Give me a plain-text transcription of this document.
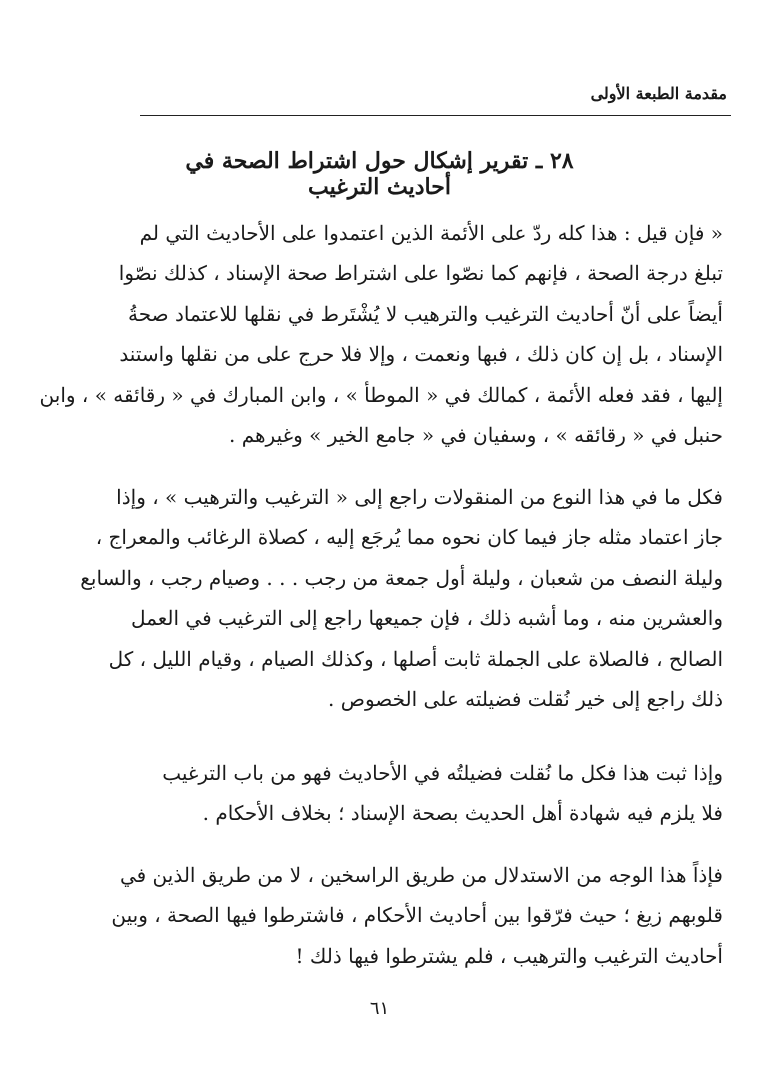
مقدمة الطبعة الأولى
٢٨ ـ تقرير إشكال حول اشتراط الصحة في أحاديث الترغيب
« فإن قيل : هذا كله ردّ على الأئمة الذين اعتمدوا على الأحاديث التي لم
تبلغ درجة الصحة ، فإنهم كما نصّوا على اشتراط صحة الإسناد ، كذلك نصّوا
أيضاً على أنّ أحاديث الترغيب والترهيب لا يُشْتَرط في نقلها للاعتماد صحةُ
الإسناد ، بل إن كان ذلك ، فبها ونعمت ، وإلا فلا حرج على من نقلها واستند
إليها ، فقد فعله الأئمة ، كمالك في « الموطأ » ، وابن المبارك في « رقائقه » ، وابن
حنبل في « رقائقه » ، وسفيان في « جامع الخير » وغيرهم .
فكل ما في هذا النوع من المنقولات راجع إلى « الترغيب والترهيب » ، وإذا
جاز اعتماد مثله جاز فيما كان نحوه مما يُرجَع إليه ، كصلاة الرغائب والمعراج ،
وليلة النصف من شعبان ، وليلة أول جمعة من رجب . . . وصيام رجب ، والسابع
والعشرين منه ، وما أشبه ذلك ، فإن جميعها راجع إلى الترغيب في العمل
الصالح ، فالصلاة على الجملة ثابت أصلها ، وكذلك الصيام ، وقيام الليل ، كل
ذلك راجع إلى خير نُقلت فضيلته على الخصوص .
وإذا ثبت هذا فكل ما نُقلت فضيلتُه في الأحاديث فهو من باب الترغيب
فلا يلزم فيه شهادة أهل الحديث بصحة الإسناد ؛ بخلاف الأحكام .
فإذاً هذا الوجه من الاستدلال من طريق الراسخين ، لا من طريق الذين في
قلوبهم زيغ ؛ حيث فرّقوا بين أحاديث الأحكام ، فاشترطوا فيها الصحة ، وبين
أحاديث الترغيب والترهيب ، فلم يشترطوا فيها ذلك !
٦١
